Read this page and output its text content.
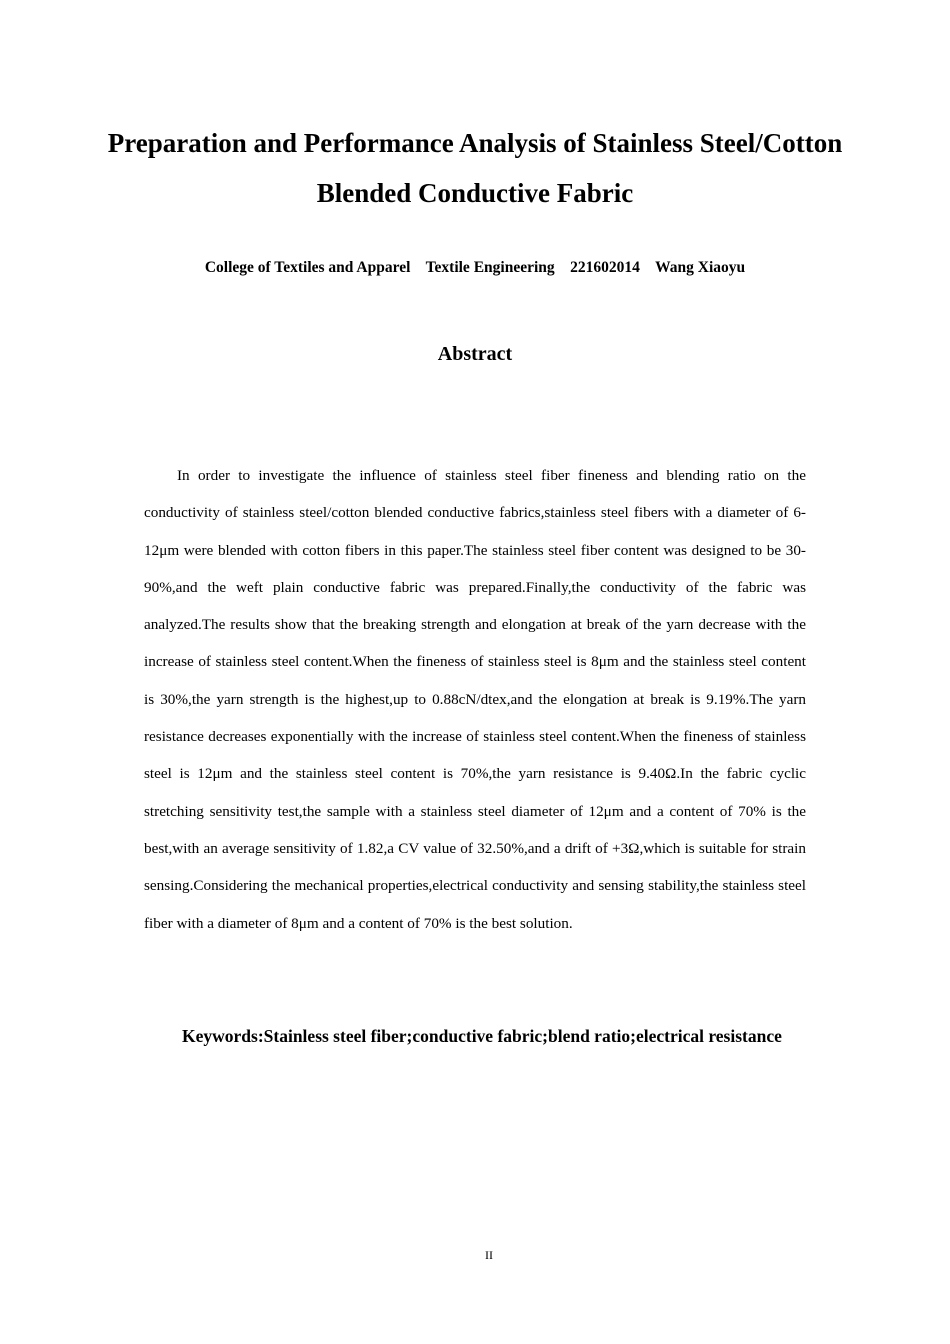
Preparation and Performance Analysis of Stainless Steel/Cotton Blended Conductive Fabric
College of Textiles and Apparel    Textile Engineering    221602014    Wang Xiaoyu
Abstract

In order to investigate the influence of stainless steel fiber fineness and blending ratio on the conductivity of stainless steel/cotton blended conductive fabrics,stainless steel fibers with a diameter of 6-12μm were blended with cotton fibers in this paper.The stainless steel fiber content was designed to be 30-90%,and the weft plain conductive fabric was prepared.Finally,the conductivity of the fabric was analyzed.The results show that the breaking strength and elongation at break of the yarn decrease with the increase of stainless steel content.When the fineness of stainless steel is 8μm and the stainless steel content is 30%,the yarn strength is the highest,up to 0.88cN/dtex,and the elongation at break is 9.19%.The yarn resistance decreases exponentially with the increase of stainless steel content.When the fineness of stainless steel is 12μm and the stainless steel content is 70%,the yarn resistance is 9.40Ω.In the fabric cyclic stretching sensitivity test,the sample with a stainless steel diameter of 12μm and a content of 70% is the best,with an average sensitivity of 1.82,a CV value of 32.50%,and a drift of +3Ω,which is suitable for strain sensing.Considering the mechanical properties,electrical conductivity and sensing stability,the stainless steel fiber with a diameter of 8μm and a content of 70% is the best solution.

Keywords:Stainless steel fiber;conductive fabric;blend ratio;electrical resistance

II
